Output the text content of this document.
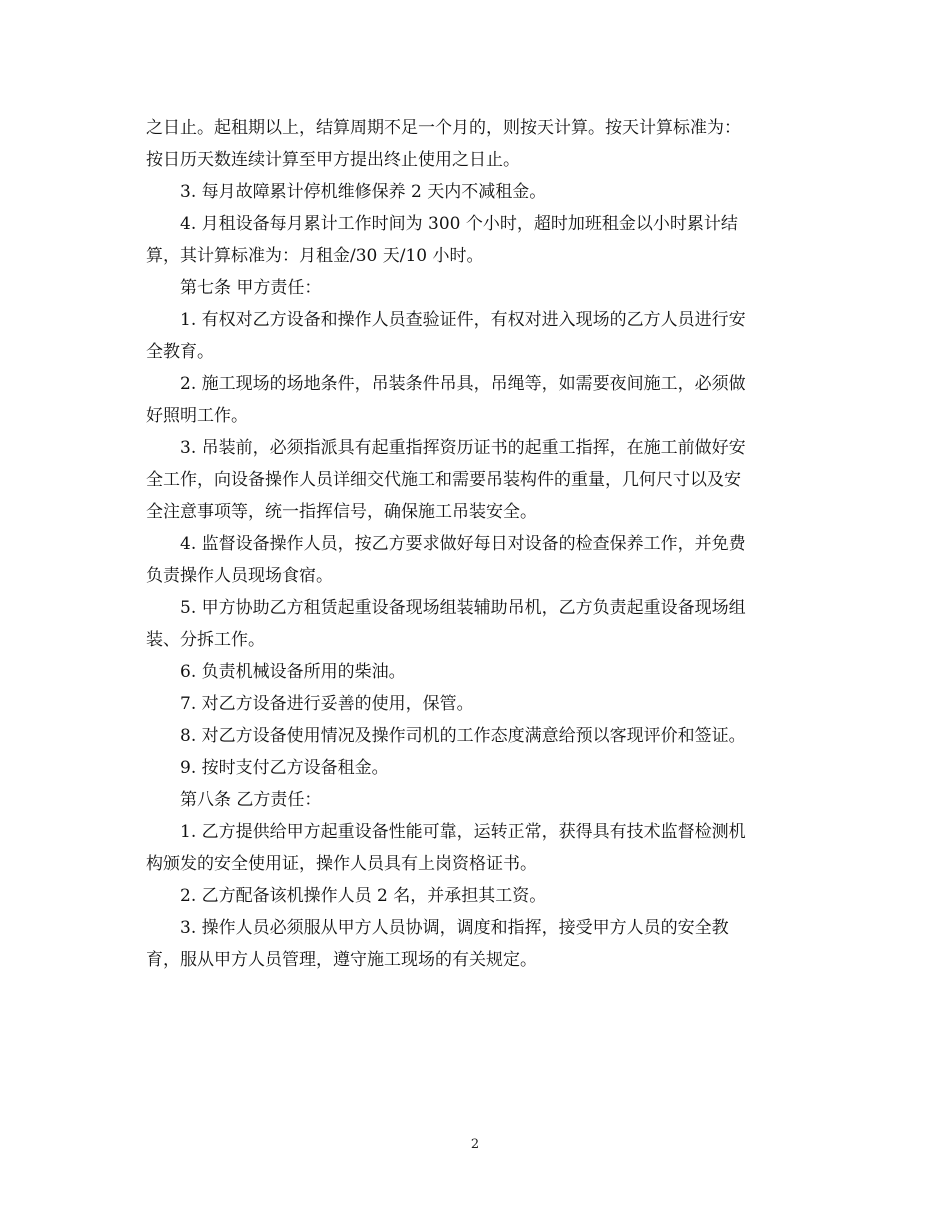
之日止。起租期以上，结算周期不足一个月的，则按天计算。按天计算标准为：
按日历天数连续计算至甲方提出终止使用之日止。
3. 每月故障累计停机维修保养 2 天内不减租金。
4. 月租设备每月累计工作时间为 300 个小时，超时加班租金以小时累计结
算，其计算标准为：月租金/30 天/10 小时。
第七条 甲方责任：
1. 有权对乙方设备和操作人员查验证件，有权对进入现场的乙方人员进行安
全教育。
2. 施工现场的场地条件，吊装条件吊具，吊绳等，如需要夜间施工，必须做
好照明工作。
3. 吊装前，必须指派具有起重指挥资历证书的起重工指挥，在施工前做好安
全工作，向设备操作人员详细交代施工和需要吊装构件的重量，几何尺寸以及安
全注意事项等，统一指挥信号，确保施工吊装安全。
4. 监督设备操作人员，按乙方要求做好每日对设备的检查保养工作，并免费
负责操作人员现场食宿。
5. 甲方协助乙方租赁起重设备现场组装辅助吊机，乙方负责起重设备现场组
装、分拆工作。
6. 负责机械设备所用的柴油。
7. 对乙方设备进行妥善的使用，保管。
8. 对乙方设备使用情况及操作司机的工作态度满意给预以客现评价和签证。
9. 按时支付乙方设备租金。
第八条 乙方责任：
1. 乙方提供给甲方起重设备性能可靠，运转正常，获得具有技术监督检测机
构颁发的安全使用证，操作人员具有上岗资格证书。
2. 乙方配备该机操作人员 2 名，并承担其工资。
3. 操作人员必须服从甲方人员协调，调度和指挥，接受甲方人员的安全教
育，服从甲方人员管理，遵守施工现场的有关规定。
2
